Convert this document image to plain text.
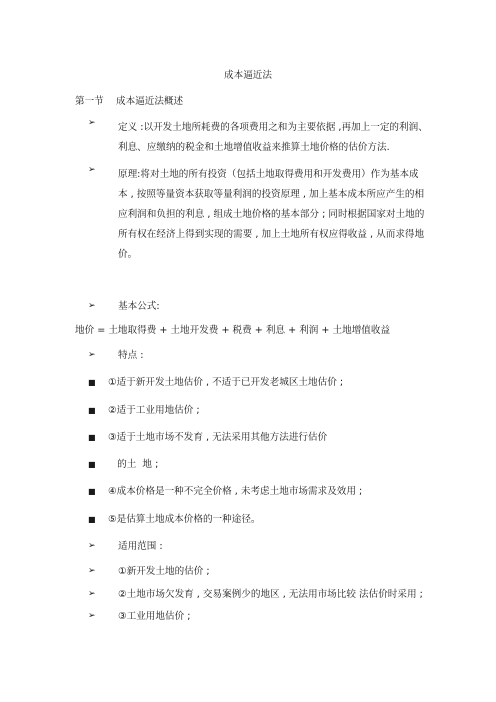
成本逼近法
第一节    成本逼近法概述
➢	定义 :以开发土地所耗费的各项费用之和为主要依据 ,再加上一定的利润、利息、应缴纳的税金和土地增值收益来推算土地价格的估价方法.
➢	原理:将对土地的所有投资（包括土地取得费用和开发费用）作为基本成本 , 按照等量资本获取等量利润的投资原理 , 加上基本成本所应产生的相应利润和负担的利息 , 组成土地价格的基本部分 ; 同时根据国家对土地的所有权在经济上得到实现的需要 , 加上土地所有权应得收益 , 从而求得地价。
➢	基本公式:
地价 = 土地取得费 + 土地开发费 + 税费 + 利息 + 利润 + 土地增值收益
➢	特点 :
■	①适于新开发土地估价 , 不适于已开发老城区土地估价 ;
■	②适于工业用地估价 ;
■	③适于土地市场不发育 , 无法采用其他方法进行估价
■	的土  地 ;
■	④成本价格是一种不完全价格 , 未考虑土地市场需求及效用 ;
■	⑤是估算土地成本价格的一种途径。
➢	适用范围 :
➢	①新开发土地的估价 ;
➢	②土地市场欠发育 , 交易案例少的地区 , 无法用市场比较 法估价时采用 ;
➢	③工业用地估价 ;
